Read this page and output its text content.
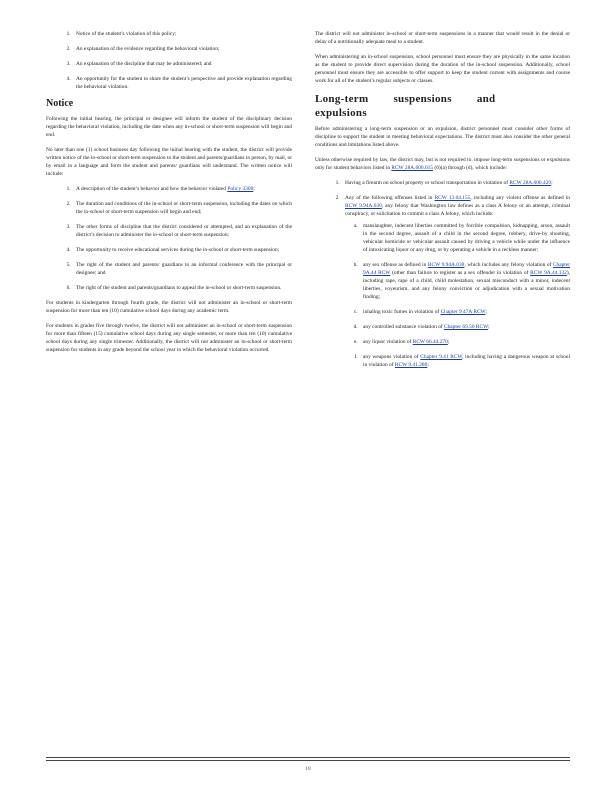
1. Notice of the student’s violation of this policy;
2. An explanation of the evidence regarding the behavioral violation;
3. An explanation of the discipline that may be administered; and
4. An opportunity for the student to share the student’s perspective and provide explanation regarding the behavioral violation.
Notice

Following the initial hearing, the principal or designee will inform the student of the disciplinary decision regarding the behavioral violation, including the date when any in-school or short-term suspension will begin and end.

No later than one (1) school business day following the initial hearing with the student, the district will provide written notice of the in-school or short-term suspension to the student and parents/guardians in person, by mail, or by email in a language and form the student and parents/ guardians will understand. The written notice will include:

1. A description of the student’s behavior and how the behavior violated Policy 3300;
2. The duration and conditions of the in-school or short-term suspension, including the dates on which the in-school or short-term suspension will begin and end;
3. The other forms of discipline that the district considered or attempted, and an explanation of the district’s decision to administer the in-school or short-term suspension;
4. The opportunity to receive educational services during the in-school or short-term suspension;
5. The right of the student and parents/ guardians to an informal conference with the principal or designee; and
6. The right of the student and parents/guardians to appeal the in-school or short-term suspension.

For students in kindergarten through fourth grade, the district will not administer an in-school or short-term suspension for more than ten (10) cumulative school days during any academic term.

For students in grades five through twelve, the district will not administer an in-school or short-term suspension for more than fifteen (15) cumulative school days during any single semester, or more than ten (10) cumulative school days during any single trimester. Additionally, the district will not administer an in-school or short-term suspension for students in any grade beyond the school year in which the behavioral violation occurred.

The district will not administer in-school or short-term suspensions in a manner that would result in the denial or delay of a nutritionally adequate meal to a student.

When administering an in-school suspension, school personnel must ensure they are physically in the same location as the student to provide direct supervision during the duration of the in-school suspension. Additionally, school personnel must ensure they are accessible to offer support to keep the student current with assignments and course work for all of the student’s regular subjects or classes.

Long-term suspensions and expulsions

Before administering a long-term suspension or an expulsion, district personnel must consider other forms of discipline to support the student in meeting behavioral expectations. The district must also consider the other general conditions and limitations listed above.

Unless otherwise required by law, the district may, but is not required to, impose long-term suspensions or expulsions only for student behaviors listed in RCW 28A.600.015 (6)(a) through (d), which include:

1. Having a firearm on school property or school transportation in violation of RCW 28A.600.420;
2. Any of the following offenses listed in RCW 13.04.155, including any violent offense as defined in RCW 9.94A.030, any felony that Washington law defines as a class A felony or an attempt, criminal conspiracy, or solicitation to commit a class A felony, which include:
a. manslaughter, indecent liberties committed by forcible compulsion, kidnapping, arson, assault in the second degree, assault of a child in the second degree, robbery, drive-by shooting, vehicular homicide or vehicular assault caused by driving a vehicle while under the influence of intoxicating liquor or any drug, or by operating a vehicle in a reckless manner;
b. any sex offense as defined in RCW 9.94A.030, which includes any felony violation of Chapter 9A.44 RCW (other than failure to register as a sex offender in violation of RCW 9A.44.132), including rape, rape of a child, child molestation, sexual misconduct with a minor, indecent liberties, voyeurism, and any felony conviction or adjudication with a sexual motivation finding;
c. inhaling toxic fumes in violation of Chapter 9.47A RCW;
d. any controlled substance violation of Chapter 69.50 RCW;
e. any liquor violation of RCW 66.44.270;
f. any weapons violation of Chapter 9.41 RCW, including having a dangerous weapon at school in violation of RCW 9.41.280;
18
